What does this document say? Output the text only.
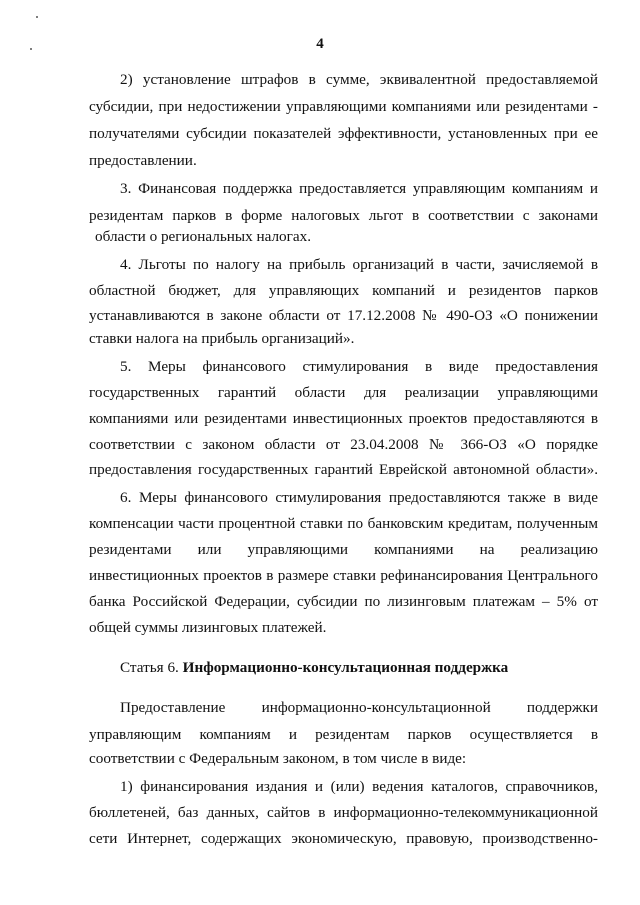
4
2) установление штрафов в сумме, эквивалентной предоставляемой
субсидии, при недостижении управляющими компаниями или резидентами -
получателями субсидии показателей эффективности, установленных при ее
предоставлении.
3. Финансовая поддержка предоставляется управляющим компаниям и
резидентам парков в форме налоговых льгот в соответствии с законами
области о региональных налогах.
4. Льготы по налогу на прибыль организаций в части, зачисляемой в
областной бюджет, для управляющих компаний и резидентов парков
устанавливаются в законе области от 17.12.2008 № 490-ОЗ «О понижении
ставки налога на прибыль организаций».
5. Меры финансового стимулирования в виде предоставления
государственных гарантий области для реализации управляющими
компаниями или резидентами инвестиционных проектов предоставляются в
соответствии с законом области от 23.04.2008 № 366-ОЗ «О порядке
предоставления государственных гарантий Еврейской автономной области».
6. Меры финансового стимулирования предоставляются также в виде
компенсации части процентной ставки по банковским кредитам, полученным
резидентами или управляющими компаниями на реализацию
инвестиционных проектов в размере ставки рефинансирования Центрального
банка Российской Федерации, субсидии по лизинговым платежам – 5% от
общей суммы лизинговых платежей.
Статья 6. Информационно-консультационная поддержка
Предоставление информационно-консультационной поддержки
управляющим компаниям и резидентам парков осуществляется в
соответствии с Федеральным законом, в том числе в виде:
1) финансирования издания и (или) ведения каталогов, справочников,
бюллетеней, баз данных, сайтов в информационно-телекоммуникационной
сети Интернет, содержащих экономическую, правовую, производственно-
